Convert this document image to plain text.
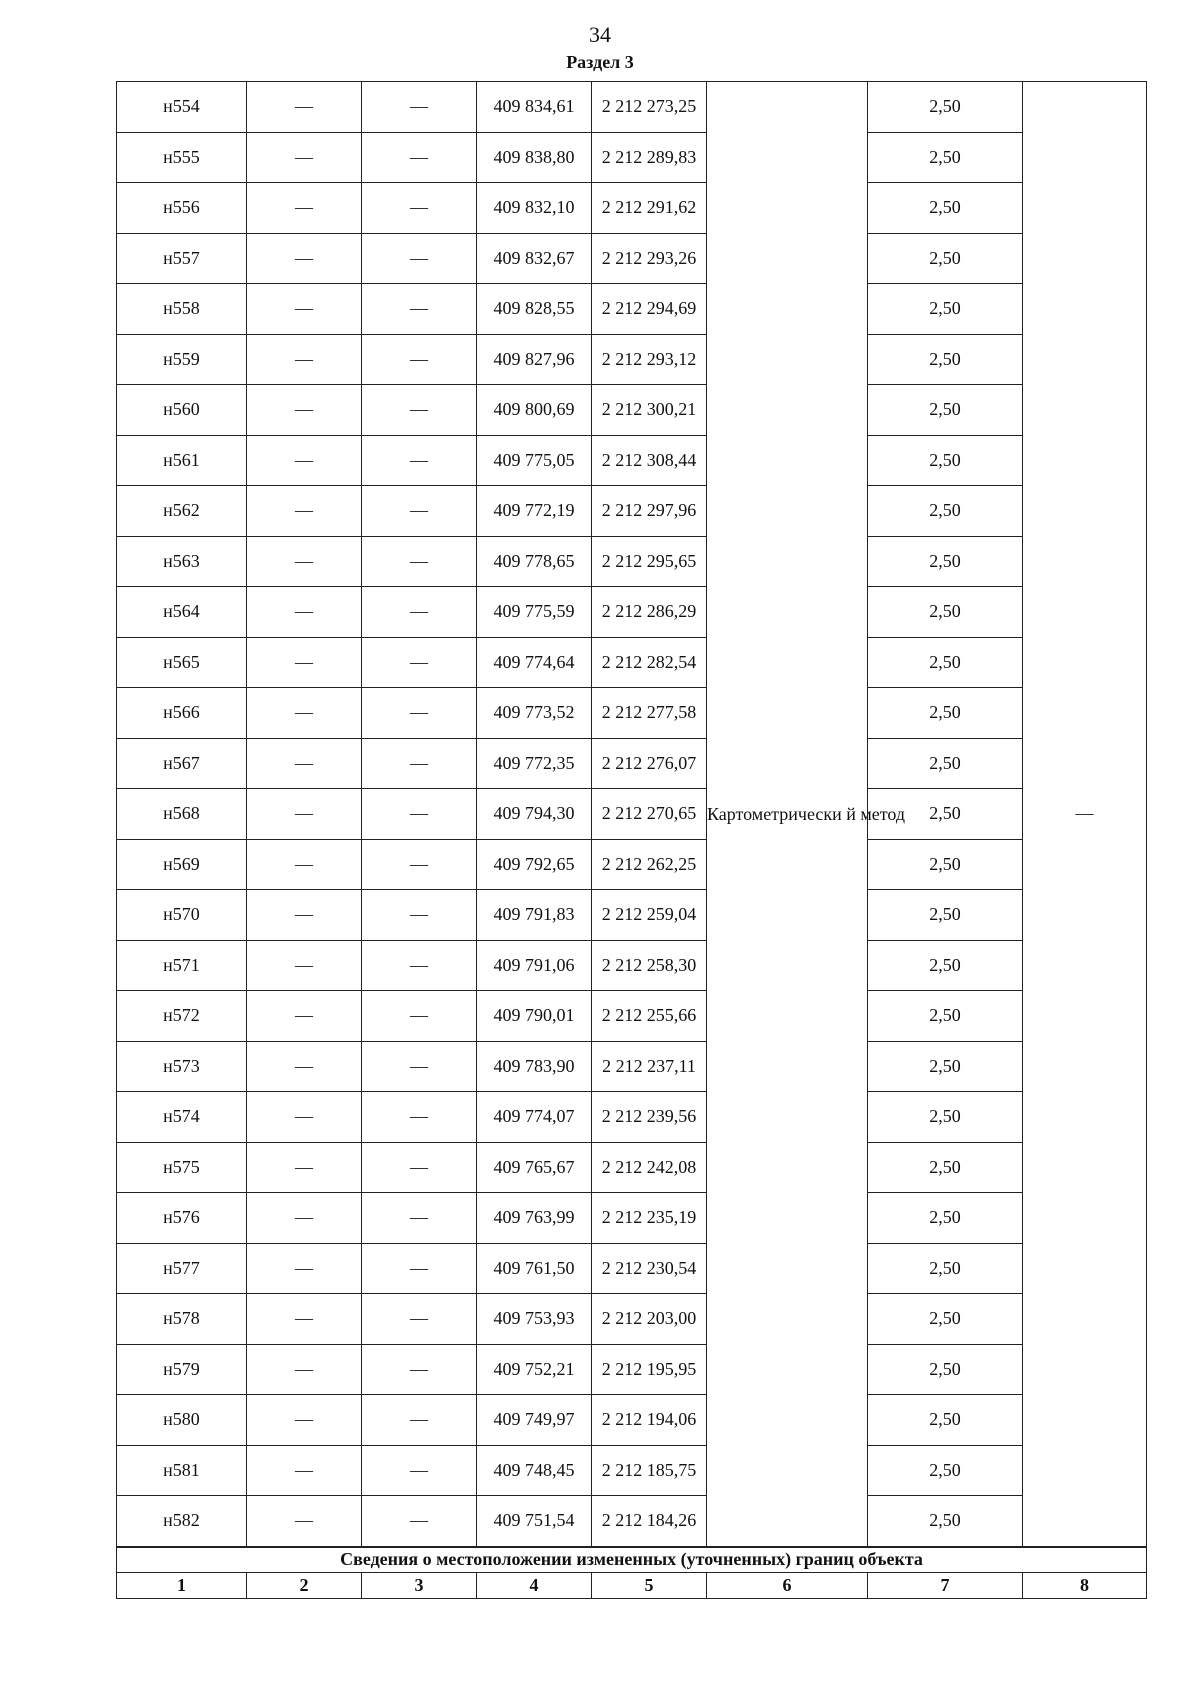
34
Раздел 3
н554	—	—	409 834,61	2 212 273,25	Картометрически й метод	2,50	—
н555	—	—	409 838,80	2 212 289,83		2,50	
н556	—	—	409 832,10	2 212 291,62		2,50	
н557	—	—	409 832,67	2 212 293,26		2,50	
н558	—	—	409 828,55	2 212 294,69		2,50	
н559	—	—	409 827,96	2 212 293,12		2,50	
н560	—	—	409 800,69	2 212 300,21		2,50	
н561	—	—	409 775,05	2 212 308,44		2,50	
н562	—	—	409 772,19	2 212 297,96		2,50	
н563	—	—	409 778,65	2 212 295,65		2,50	
н564	—	—	409 775,59	2 212 286,29		2,50	
н565	—	—	409 774,64	2 212 282,54		2,50	
н566	—	—	409 773,52	2 212 277,58		2,50	
н567	—	—	409 772,35	2 212 276,07		2,50	
н568	—	—	409 794,30	2 212 270,65		2,50	
н569	—	—	409 792,65	2 212 262,25		2,50	
н570	—	—	409 791,83	2 212 259,04		2,50	
н571	—	—	409 791,06	2 212 258,30		2,50	
н572	—	—	409 790,01	2 212 255,66		2,50	
н573	—	—	409 783,90	2 212 237,11		2,50	
н574	—	—	409 774,07	2 212 239,56		2,50	
н575	—	—	409 765,67	2 212 242,08		2,50	
н576	—	—	409 763,99	2 212 235,19		2,50	
н577	—	—	409 761,50	2 212 230,54		2,50	
н578	—	—	409 753,93	2 212 203,00		2,50	
н579	—	—	409 752,21	2 212 195,95		2,50	
н580	—	—	409 749,97	2 212 194,06		2,50	
н581	—	—	409 748,45	2 212 185,75		2,50	
н582	—	—	409 751,54	2 212 184,26		2,50	
Сведения о местоположении измененных (уточненных) границ объекта							
1	2	3	4	5	6	7	8
